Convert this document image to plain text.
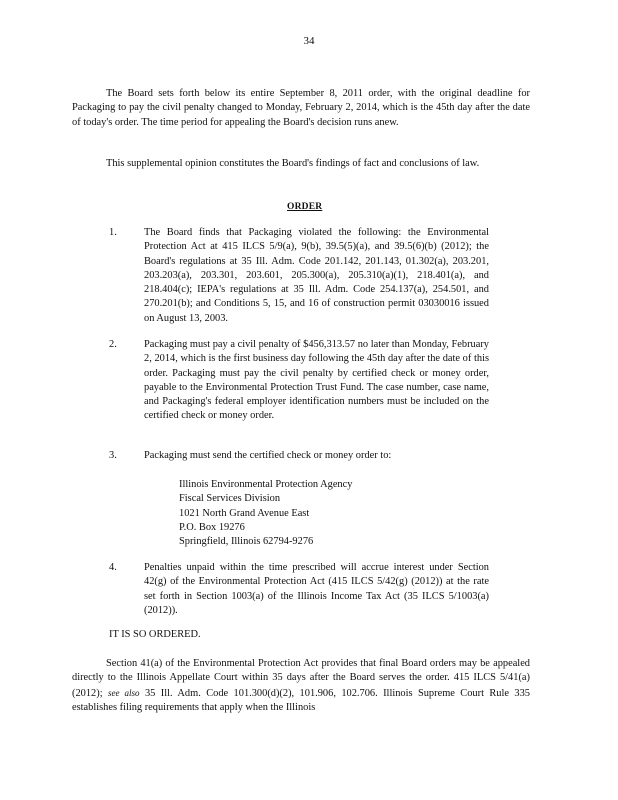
34

The Board sets forth below its entire September 8, 2011 order, with the original deadline for Packaging to pay the civil penalty changed to Monday, February 2, 2014, which is the 45th day after the date of today's order. The time period for appealing the Board's decision runs anew.

This supplemental opinion constitutes the Board's findings of fact and conclusions of law.

ORDER
1.	The Board finds that Packaging violated the following: the Environmental Protection Act at 415 ILCS 5/9(a), 9(b), 39.5(5)(a), and 39.5(6)(b) (2012); the Board's regulations at 35 Ill. Adm. Code 201.142, 201.143, 01.302(a), 203.201, 203.203(a), 203.301, 203.601, 205.300(a), 205.310(a)(1), 218.401(a), and 218.404(c); IEPA's regulations at 35 Ill. Adm. Code 254.137(a), 254.501, and 270.201(b); and Conditions 5, 15, and 16 of construction permit 03030016 issued on August 13, 2003.
2.	Packaging must pay a civil penalty of $456,313.57 no later than Monday, February 2, 2014, which is the first business day following the 45th day after the date of this order. Packaging must pay the civil penalty by certified check or money order, payable to the Environmental Protection Trust Fund. The case number, case name, and Packaging's federal employer identification numbers must be included on the certified check or money order.
3.	Packaging must send the certified check or money order to:
Illinois Environmental Protection Agency
Fiscal Services Division
1021 North Grand Avenue East
P.O. Box 19276
Springfield, Illinois 62794-9276
4.	Penalties unpaid within the time prescribed will accrue interest under Section 42(g) of the Environmental Protection Act (415 ILCS 5/42(g) (2012)) at the rate set forth in Section 1003(a) of the Illinois Income Tax Act (35 ILCS 5/1003(a) (2012)).
IT IS SO ORDERED.

Section 41(a) of the Environmental Protection Act provides that final Board orders may be appealed directly to the Illinois Appellate Court within 35 days after the Board serves the order. 415 ILCS 5/41(a) (2012); see also 35 Ill. Adm. Code 101.300(d)(2), 101.906, 102.706. Illinois Supreme Court Rule 335 establishes filing requirements that apply when the Illinois
